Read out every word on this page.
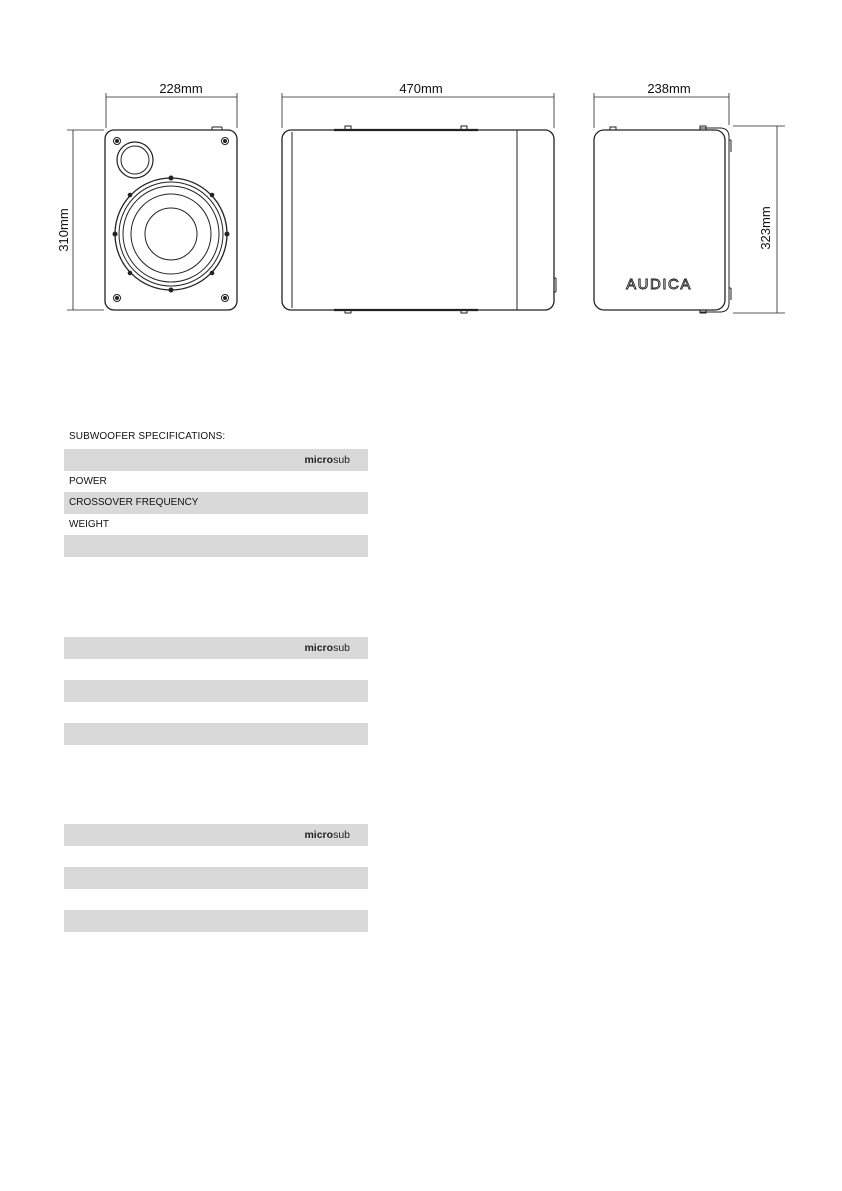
228mm
310mm
470mm	238mm
323mm
AUDICA
SUBWOOFER SPECIFICATIONS:
microsub
POWER
CROSSOVER FREQUENCY
WEIGHT
microsub
microsub
